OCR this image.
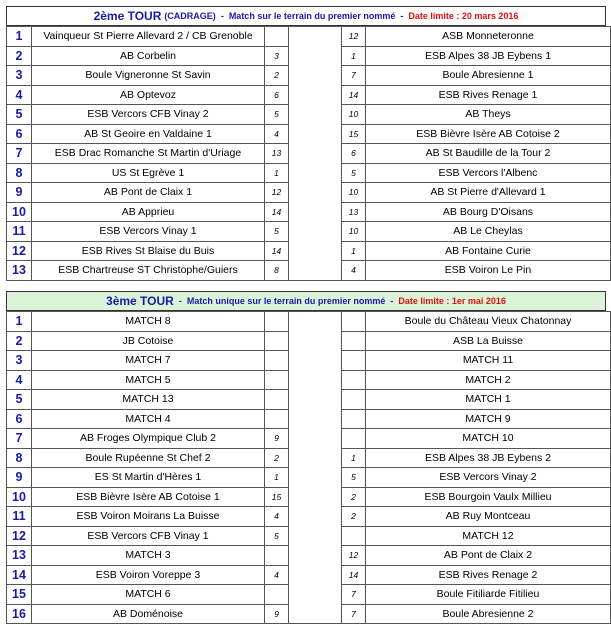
2ème TOUR
(CADRAGE) - Match sur le terrain du premier nommé - Date limite : 20 mars 2016
1	Vainqueur St Pierre Allevard 2 / CB Grenoble			12	ASB Monneteronne
2	AB Corbelin	3		1	ESB Alpes 38 JB Eybens 1
3	Boule Vigneronne St Savin	2		7	Boule Abresienne 1
4	AB Optevoz	6		14	ESB Rives Renage 1
5	ESB Vercors CFB Vinay 2	5		10	AB Theys
6	AB St Geoire en Valdaine 1	4		15	ESB Bièvre Isère AB Cotoise 2
7	ESB Drac Romanche St Martin d'Uriage	13		6	AB St Baudille de la Tour 2
8	US St Egrève 1	1		5	ESB Vercors l'Albenc
9	AB Pont de Claix 1	12		10	AB St Pierre d'Allevard 1
10	AB Apprieu	14		13	AB Bourg D'Oisans
11	ESB Vercors Vinay 1	5		10	AB Le Cheylas
12	ESB Rives St Blaise du Buis	14		1	AB Fontaine Curie
13	ESB Chartreuse ST Christophe/Guiers	8		4	ESB Voiron Le Pin
3ème TOUR - Match unique sur le terrain du premier nommé - Date limite : 1er mai 2016
1	MATCH 8				Boule du Château Vieux Chatonnay
2	JB Cotoise				ASB La Buisse
3	MATCH 7				MATCH 11
4	MATCH 5				MATCH 2
5	MATCH 13				MATCH 1
6	MATCH 4				MATCH 9
7	AB Froges Olympique Club 2	9			MATCH 10
8	Boule Rupéenne St Chef 2	2		1	ESB Alpes 38 JB Eybens 2
9	ES St Martin d'Hères 1	1		5	ESB Vercors Vinay 2
10	ESB Bièvre Isère AB Cotoise 1	15		2	ESB Bourgoin Vaulx Millieu
11	ESB Voiron Moirans La Buisse	4		2	AB Ruy Montceau
12	ESB Vercors CFB Vinay 1	5			MATCH 12
13	MATCH 3			12	AB Pont de Claix 2
14	ESB Voiron Voreppe 3	4		14	ESB Rives Renage 2
15	MATCH 6			7	Boule Fitiliarde Fitilieu
16	AB Doménoise	9		7	Boule Abresienne 2
